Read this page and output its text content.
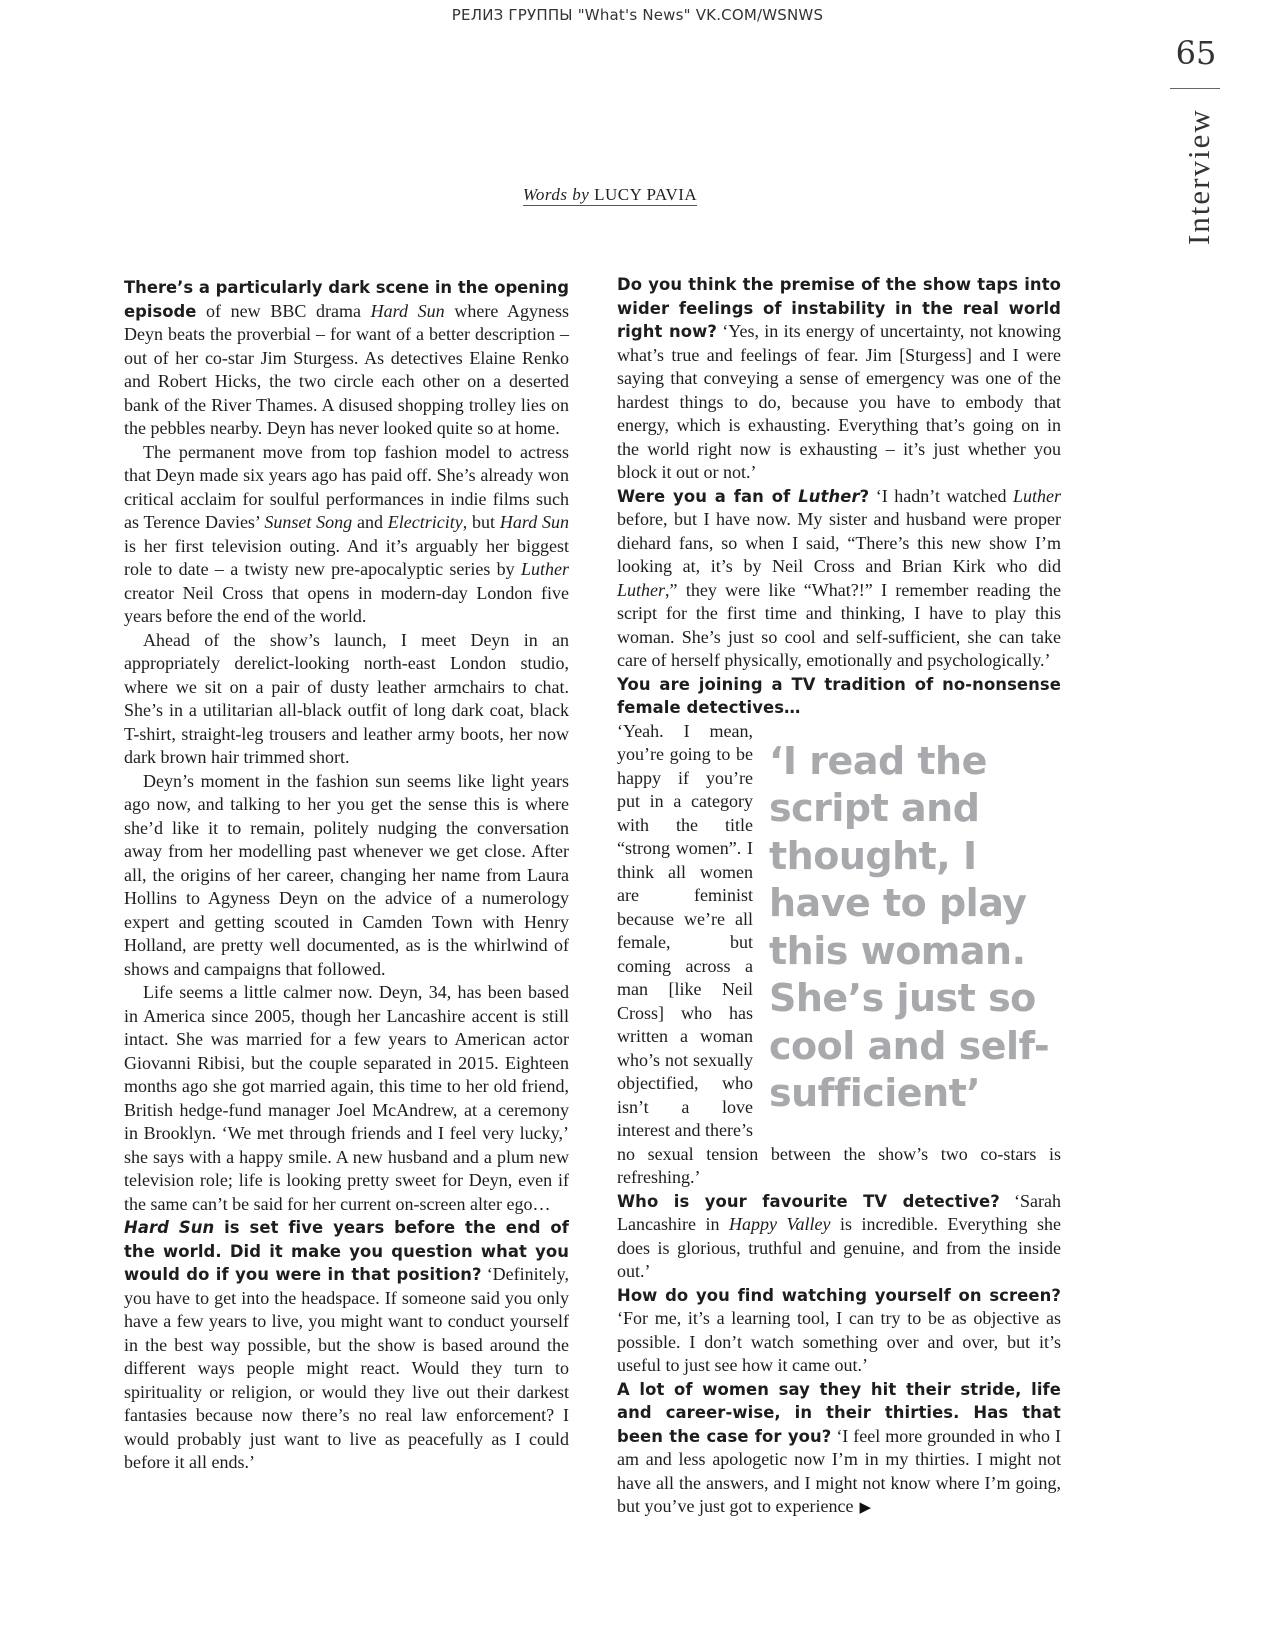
РЕЛИЗ ГРУППЫ "What's News" VK.COM/WSNWS
65
Interview
Words by LUCY PAVIA

There’s a particularly dark scene in the opening episode of new BBC drama Hard Sun where Agyness Deyn beats the proverbial – for want of a better description – out of her co-star Jim Sturgess. As detectives Elaine Renko and Robert Hicks, the two circle each other on a deserted bank of the River Thames. A disused shopping trolley lies on the pebbles nearby. Deyn has never looked quite so at home.

The permanent move from top fashion model to actress that Deyn made six years ago has paid off. She’s already won critical acclaim for soulful performances in indie films such as Terence Davies’ Sunset Song and Electricity, but Hard Sun is her first television outing. And it’s arguably her biggest role to date – a twisty new pre-apocalyptic series by Luther creator Neil Cross that opens in modern-day London five years before the end of the world.

Ahead of the show’s launch, I meet Deyn in an appropriately derelict-looking north-east London studio, where we sit on a pair of dusty leather armchairs to chat. She’s in a utilitarian all-black outfit of long dark coat, black T-shirt, straight-leg trousers and leather army boots, her now dark brown hair trimmed short.

Deyn’s moment in the fashion sun seems like light years ago now, and talking to her you get the sense this is where she’d like it to remain, politely nudging the conversation away from her modelling past whenever we get close. After all, the origins of her career, changing her name from Laura Hollins to Agyness Deyn on the advice of a numerology expert and getting scouted in Camden Town with Henry Holland, are pretty well documented, as is the whirlwind of shows and campaigns that followed.

Life seems a little calmer now. Deyn, 34, has been based in America since 2005, though her Lancashire accent is still intact. She was married for a few years to American actor Giovanni Ribisi, but the couple separated in 2015. Eighteen months ago she got married again, this time to her old friend, British hedge-fund manager Joel McAndrew, at a ceremony in Brooklyn. ‘We met through friends and I feel very lucky,’ she says with a happy smile. A new husband and a plum new television role; life is looking pretty sweet for Deyn, even if the same can’t be said for her current on-screen alter ego…

Hard Sun is set five years before the end of the world. Did it make you question what you would do if you were in that position? ‘Definitely, you have to get into the headspace. If someone said you only have a few years to live, you might want to conduct yourself in the best way possible, but the show is based around the different ways people might react. Would they turn to spirituality or religion, or would they live out their darkest fantasies because now there’s no real law enforcement? I would probably just want to live as peacefully as I could before it all ends.’

Do you think the premise of the show taps into wider feelings of instability in the real world right now? ‘Yes, in its energy of uncertainty, not knowing what’s true and feelings of fear. Jim [Sturgess] and I were saying that conveying a sense of emergency was one of the hardest things to do, because you have to embody that energy, which is exhausting. Everything that’s going on in the world right now is exhausting – it’s just whether you block it out or not.’

Were you a fan of Luther? ‘I hadn’t watched Luther before, but I have now. My sister and husband were proper diehard fans, so when I said, “There’s this new show I’m looking at, it’s by Neil Cross and Brian Kirk who did Luther,” they were like “What?!” I remember reading the script for the first time and thinking, I have to play this woman. She’s just so cool and self-sufficient, she can take care of herself physically, emotionally and psychologically.’

You are joining a TV tradition of no-nonsense female detectives…

‘I read the script and thought, I have to play this woman. She’s just so cool and self-sufficient’

‘Yeah. I mean, you’re going to be happy if you’re put in a category with the title “strong women”. I think all women are feminist because we’re all female, but coming across a man [like Neil Cross] who has written a woman who’s not sexually objectified, who isn’t a love interest and there’s no sexual tension between the show’s two co-stars is refreshing.’

Who is your favourite TV detective? ‘Sarah Lancashire in Happy Valley is incredible. Everything she does is glorious, truthful and genuine, and from the inside out.’

How do you find watching yourself on screen? ‘For me, it’s a learning tool, I can try to be as objective as possible. I don’t watch something over and over, but it’s useful to just see how it came out.’

A lot of women say they hit their stride, life and career-wise, in their thirties. Has that been the case for you? ‘I feel more grounded in who I am and less apologetic now I’m in my thirties. I might not have all the answers, and I might not know where I’m going, but you’ve just got to experience ▶
